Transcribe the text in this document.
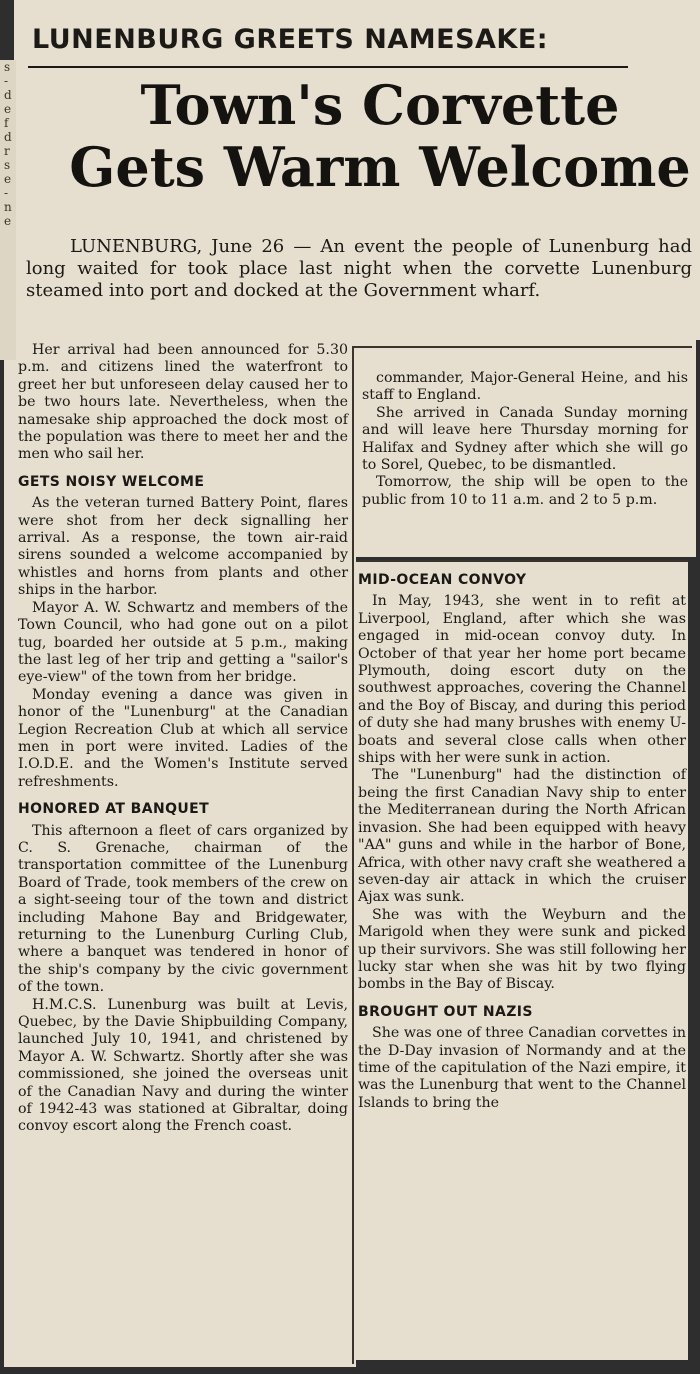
s
-
d
e
f
d
r
s
e
-
n
e
LUNENBURG GREETS NAMESAKE:
Town's Corvette
Gets Warm Welcome
LUNENBURG, June 26 — An event the people of Lunenburg had long waited for took place last night when the corvette Lunenburg steamed into port and docked at the Government wharf.

Her arrival had been announced for 5.30 p.m. and citizens lined the waterfront to greet her but unforeseen delay caused her to be two hours late. Nevertheless, when the namesake ship approached the dock most of the population was there to meet her and the men who sail her.

GETS NOISY WELCOME

As the veteran turned Battery Point, flares were shot from her deck signalling her arrival. As a response, the town air-raid sirens sounded a welcome accompanied by whistles and horns from plants and other ships in the harbor.

Mayor A. W. Schwartz and members of the Town Council, who had gone out on a pilot tug, boarded her outside at 5 p.m., making the last leg of her trip and getting a "sailor's eye-view" of the town from her bridge.

Monday evening a dance was given in honor of the "Lunenburg" at the Canadian Legion Recreation Club at which all service men in port were invited. Ladies of the I.O.D.E. and the Women's Institute served refreshments.

HONORED AT BANQUET

This afternoon a fleet of cars organized by C. S. Grenache, chairman of the transportation committee of the Lunenburg Board of Trade, took members of the crew on a sight-seeing tour of the town and district including Mahone Bay and Bridgewater, returning to the Lunenburg Curling Club, where a banquet was tendered in honor of the ship's company by the civic government of the town.

H.M.C.S. Lunenburg was built at Levis, Quebec, by the Davie Shipbuilding Company, launched July 10, 1941, and christened by Mayor A. W. Schwartz. Shortly after she was commissioned, she joined the overseas unit of the Canadian Navy and during the winter of 1942-43 was stationed at Gibraltar, doing convoy escort along the French coast.

commander, Major-General Heine, and his staff to England.

She arrived in Canada Sunday morning and will leave here Thursday morning for Halifax and Sydney after which she will go to Sorel, Quebec, to be dismantled.

Tomorrow, the ship will be open to the public from 10 to 11 a.m. and 2 to 5 p.m.

MID-OCEAN CONVOY

In May, 1943, she went in to refit at Liverpool, England, after which she was engaged in mid-ocean convoy duty. In October of that year her home port became Plymouth, doing escort duty on the southwest approaches, covering the Channel and the Boy of Biscay, and during this period of duty she had many brushes with enemy U-boats and several close calls when other ships with her were sunk in action.

The "Lunenburg" had the distinction of being the first Canadian Navy ship to enter the Mediterranean during the North African invasion. She had been equipped with heavy "AA" guns and while in the harbor of Bone, Africa, with other navy craft she weathered a seven-day air attack in which the cruiser Ajax was sunk.

She was with the Weyburn and the Marigold when they were sunk and picked up their survivors. She was still following her lucky star when she was hit by two flying bombs in the Bay of Biscay.

BROUGHT OUT NAZIS

She was one of three Canadian corvettes in the D-Day invasion of Normandy and at the time of the capitulation of the Nazi empire, it was the Lunenburg that went to the Channel Islands to bring the
